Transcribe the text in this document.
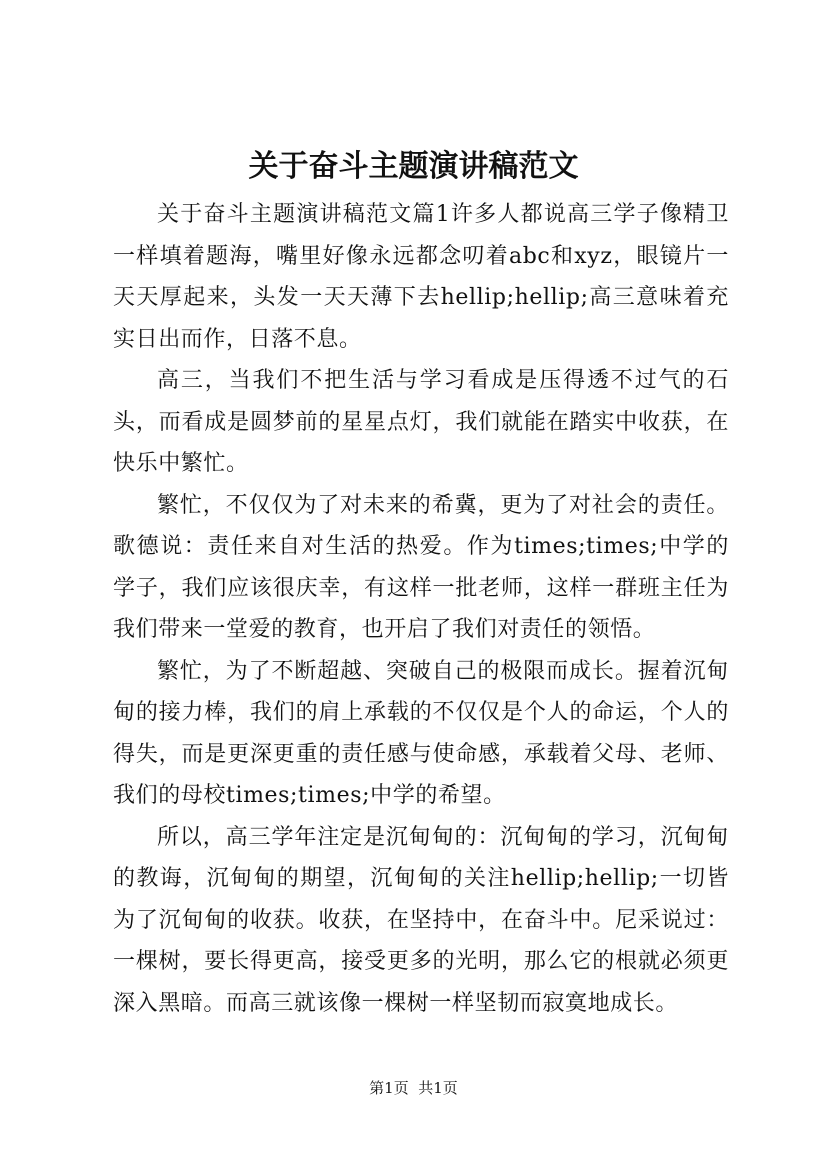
关于奋斗主题演讲稿范文

关于奋斗主题演讲稿范文篇1许多人都说高三学子像精卫一样填着题海，嘴里好像永远都念叨着abc和xyz，眼镜片一天天厚起来，头发一天天薄下去hellip;hellip;高三意味着充实日出而作，日落不息。

高三，当我们不把生活与学习看成是压得透不过气的石头，而看成是圆梦前的星星点灯，我们就能在踏实中收获，在快乐中繁忙。

繁忙，不仅仅为了对未来的希冀，更为了对社会的责任。歌德说：责任来自对生活的热爱。作为times;times;中学的学子，我们应该很庆幸，有这样一批老师，这样一群班主任为我们带来一堂爱的教育，也开启了我们对责任的领悟。

繁忙，为了不断超越、突破自己的极限而成长。握着沉甸甸的接力棒，我们的肩上承载的不仅仅是个人的命运，个人的得失，而是更深更重的责任感与使命感，承载着父母、老师、我们的母校times;times;中学的希望。

所以，高三学年注定是沉甸甸的：沉甸甸的学习，沉甸甸的教诲，沉甸甸的期望，沉甸甸的关注hellip;hellip;一切皆为了沉甸甸的收获。收获，在坚持中，在奋斗中。尼采说过：一棵树，要长得更高，接受更多的光明，那么它的根就必须更深入黑暗。而高三就该像一棵树一样坚韧而寂寞地成长。

第1页 共1页
